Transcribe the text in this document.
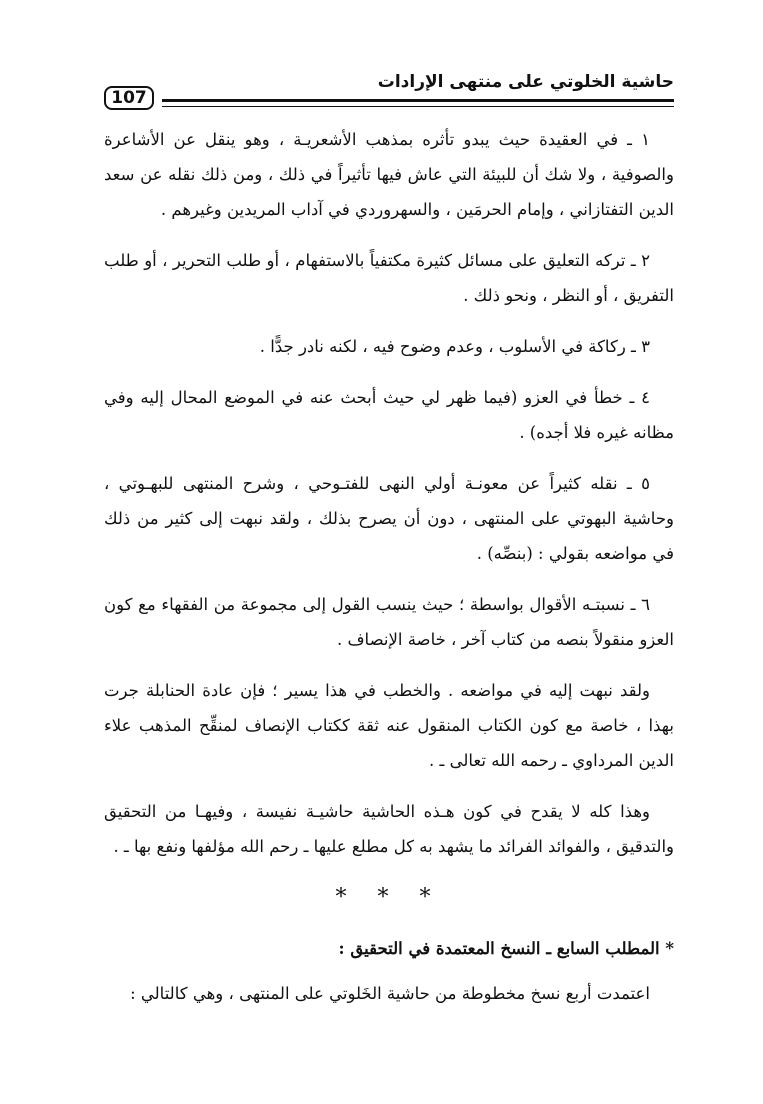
107
حاشية الخلوتي على منتهى الإرادات

١ ـ في العقيدة حيث يبدو تأثره بمذهب الأشعريـة ، وهو ينقل عن الأشاعرة والصوفية ، ولا شك أن للبيئة التي عاش فيها تأثيراً في ذلك ، ومن ذلك نقله عن سعد الدين التفتازاني ، وإمام الحرمَين ، والسهروردي في آداب المريدين وغيرهم .

٢ ـ تركه التعليق على مسائل كثيرة مكتفياً بالاستفهام ، أو طلب التحرير ، أو طلب التفريق ، أو النظر ، ونحو ذلك .

٣ ـ ركاكة في الأسلوب ، وعدم وضوح فيه ، لكنه نادر جدًّا .

٤ ـ خطأ في العزو (فيما ظهر لي حيث أبحث عنه في الموضع المحال إليه وفي مظانه غيره فلا أجده) .

٥ ـ نقله كثيراً عن معونـة أولي النهى للفتـوحي ، وشرح المنتهى للبهـوتي ، وحاشية البهوتي على المنتهى ، دون أن يصرح بذلك ، ولقد نبهت إلى كثير من ذلك في مواضعه بقولي : (بنصِّه) .

٦ ـ نسبتـه الأقوال بواسطة ؛ حيث ينسب القول إلى مجموعة من الفقهاء مع كون العزو منقولاً بنصه من كتاب آخر ، خاصة الإنصاف .

ولقد نبهت إليه في مواضعه . والخطب في هذا يسير ؛ فإن عادة الحنابلة جرت بهذا ، خاصة مع كون الكتاب المنقول عنه ثقة ككتاب الإنصاف لمنقِّح المذهب علاء الدين المرداوي ـ رحمه الله تعالى ـ .

وهذا كله لا يقدح في كون هـذه الحاشية حاشيـة نفيسة ، وفيهـا من التحقيق والتدقيق ، والفوائد الفرائد ما يشهد به كل مطلع عليها ـ رحم الله مؤلفها ونفع بها ـ .

* * *

* المطلب السابع ـ النسخ المعتمدة في التحقيق :

اعتمدت أربع نسخ مخطوطة من حاشية الخَلوتي على المنتهى ، وهي كالتالي :
